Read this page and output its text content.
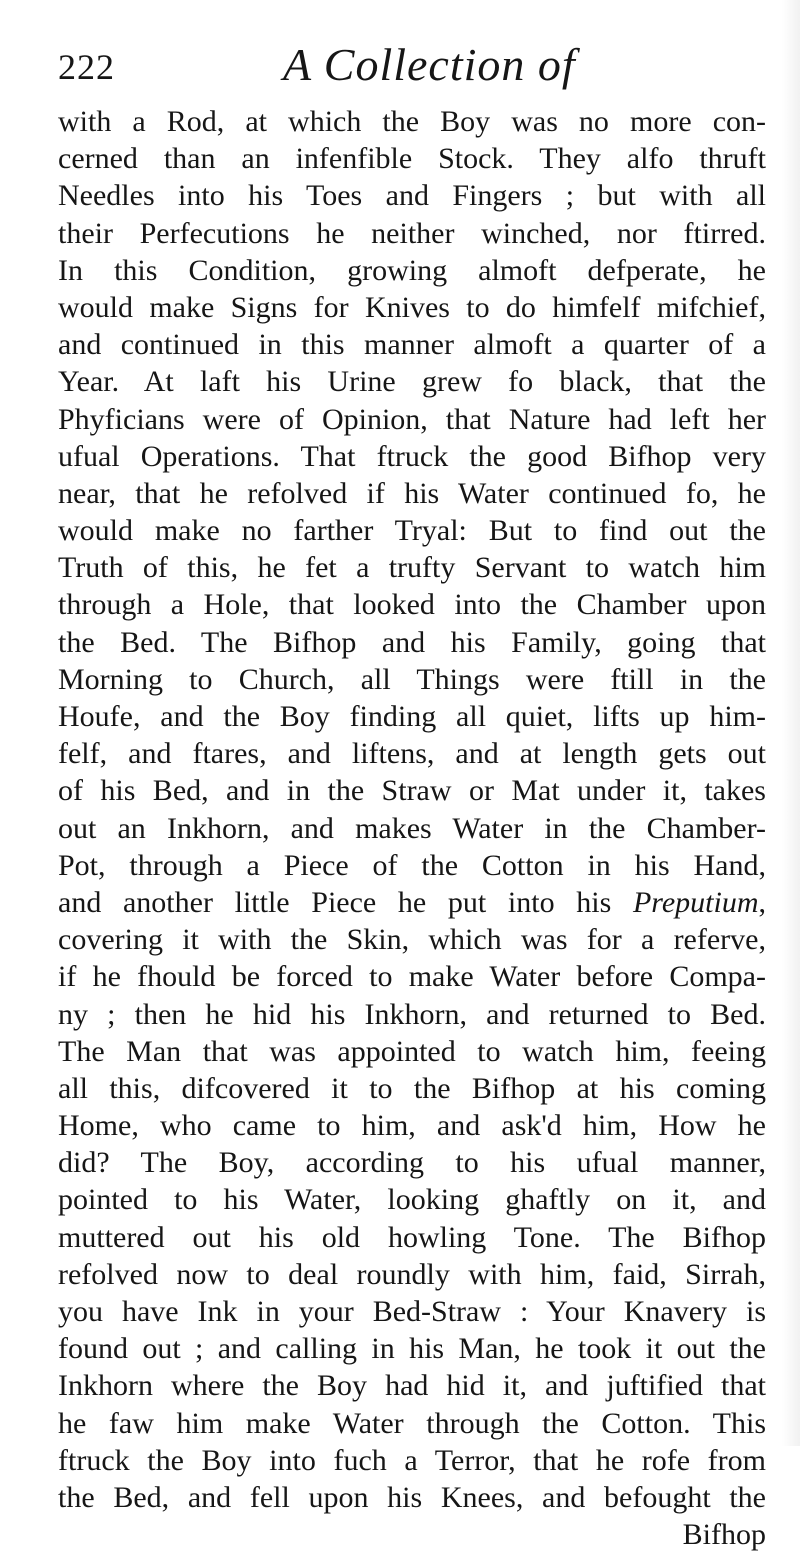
222	A Collection of
with a Rod, at which the Boy was no more con-
cerned than an infenfible Stock. They alfo thruft
Needles into his Toes and Fingers ; but with all
their Perfecutions he neither winched, nor ftirred.
In this Condition, growing almoft defperate, he
would make Signs for Knives to do himfelf mifchief,
and continued in this manner almoft a quarter of a
Year. At laft his Urine grew fo black, that the
Phyficians were of Opinion, that Nature had left her
ufual Operations. That ftruck the good Bifhop very
near, that he refolved if his Water continued fo, he
would make no farther Tryal: But to find out the
Truth of this, he fet a trufty Servant to watch him
through a Hole, that looked into the Chamber upon
the Bed. The Bifhop and his Family, going that
Morning to Church, all Things were ftill in the
Houfe, and the Boy finding all quiet, lifts up him-
felf, and ftares, and liftens, and at length gets out
of his Bed, and in the Straw or Mat under it, takes
out an Inkhorn, and makes Water in the Chamber-
Pot, through a Piece of the Cotton in his Hand,
and another little Piece he put into his Preputium,
covering it with the Skin, which was for a referve,
if he fhould be forced to make Water before Compa-
ny ; then he hid his Inkhorn, and returned to Bed.
The Man that was appointed to watch him, feeing
all this, difcovered it to the Bifhop at his coming
Home, who came to him, and ask'd him, How he
did? The Boy, according to his ufual manner,
pointed to his Water, looking ghaftly on it, and
muttered out his old howling Tone. The Bifhop
refolved now to deal roundly with him, faid, Sirrah,
you have Ink in your Bed-Straw : Your Knavery is
found out ; and calling in his Man, he took it out the
Inkhorn where the Boy had hid it, and juftified that
he faw him make Water through the Cotton. This
ftruck the Boy into fuch a Terror, that he rofe from
the Bed, and fell upon his Knees, and befought the
Bifhop
